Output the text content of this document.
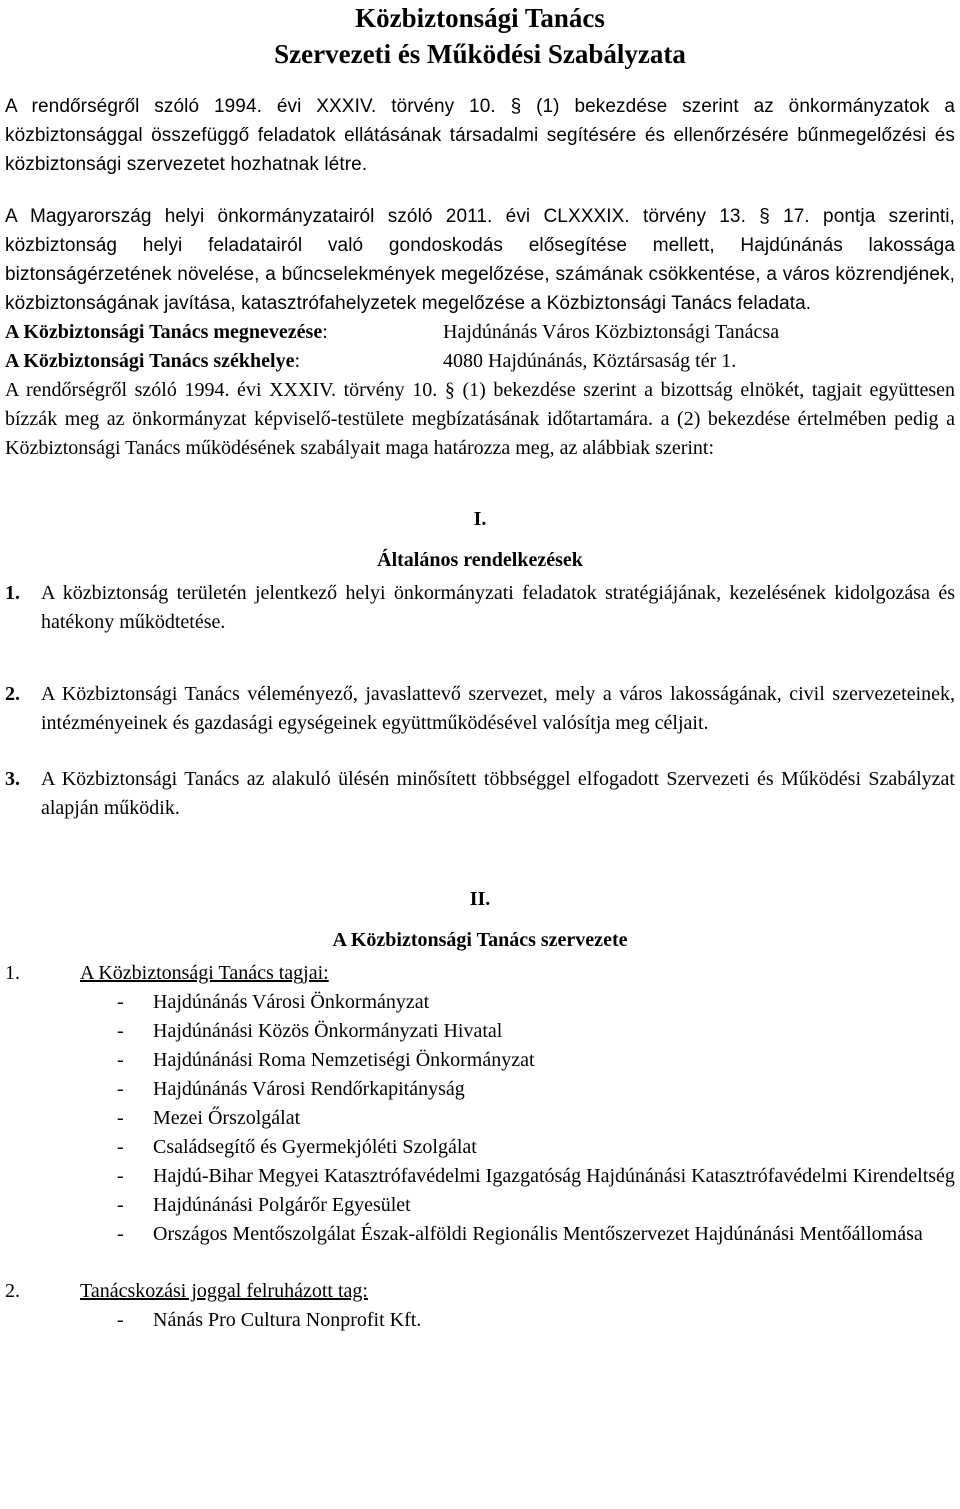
Közbiztonsági Tanács
Szervezeti és Működési Szabályzata

A rendőrségről szóló 1994. évi XXXIV. törvény 10. § (1) bekezdése szerint az önkormányzatok a közbiztonsággal összefüggő feladatok ellátásának társadalmi segítésére és ellenőrzésére bűnmegelőzési és közbiztonsági szervezetet hozhatnak létre.

A Magyarország helyi önkormányzatairól szóló 2011. évi CLXXXIX. törvény 13. § 17. pontja szerinti, közbiztonság helyi feladatairól való gondoskodás elősegítése mellett, Hajdúnánás lakossága biztonságérzetének növelése, a bűncselekmények megelőzése, számának csökkentése, a város közrendjének, közbiztonságának javítása, katasztrófahelyzetek megelőzése a Közbiztonsági Tanács feladata.

A Közbiztonsági Tanács megnevezése:	Hajdúnánás Város Közbiztonsági Tanácsa
A Közbiztonsági Tanács székhelye:	4080 Hajdúnánás, Köztársaság tér 1.

A rendőrségről szóló 1994. évi XXXIV. törvény 10. § (1) bekezdése szerint a bizottság elnökét, tagjait együttesen bízzák meg az önkormányzat képviselő-testülete megbízatásának időtartamára. a (2) bekezdése értelmében pedig a Közbiztonsági Tanács működésének szabályait maga határozza meg, az alábbiak szerint:

I.
Általános rendelkezések
1.	A közbiztonság területén jelentkező helyi önkormányzati feladatok stratégiájának, kezelésének kidolgozása és hatékony működtetése.
2.	A Közbiztonsági Tanács véleményező, javaslattevő szervezet, mely a város lakosságának, civil szervezeteinek, intézményeinek és gazdasági egységeinek együttműködésével valósítja meg céljait.
3.	A Közbiztonsági Tanács az alakuló ülésén minősített többséggel elfogadott Szervezeti és Működési Szabályzat alapján működik.
II.
A Közbiztonsági Tanács szervezete
1.	A Közbiztonsági Tanács tagjai:
-	Hajdúnánás Városi Önkormányzat
-	Hajdúnánási Közös Önkormányzati Hivatal
-	Hajdúnánási Roma Nemzetiségi Önkormányzat
-	Hajdúnánás Városi Rendőrkapitányság
-	Mezei Őrszolgálat
-	Családsegítő és Gyermekjóléti Szolgálat
-	Hajdú-Bihar Megyei Katasztrófavédelmi Igazgatóság Hajdúnánási Katasztrófavédelmi Kirendeltség
-	Hajdúnánási Polgárőr Egyesület
-	Országos Mentőszolgálat Észak-alföldi Regionális Mentőszervezet Hajdúnánási Mentőállomása
2.	Tanácskozási joggal felruházott tag:
-	Nánás Pro Cultura Nonprofit Kft.
